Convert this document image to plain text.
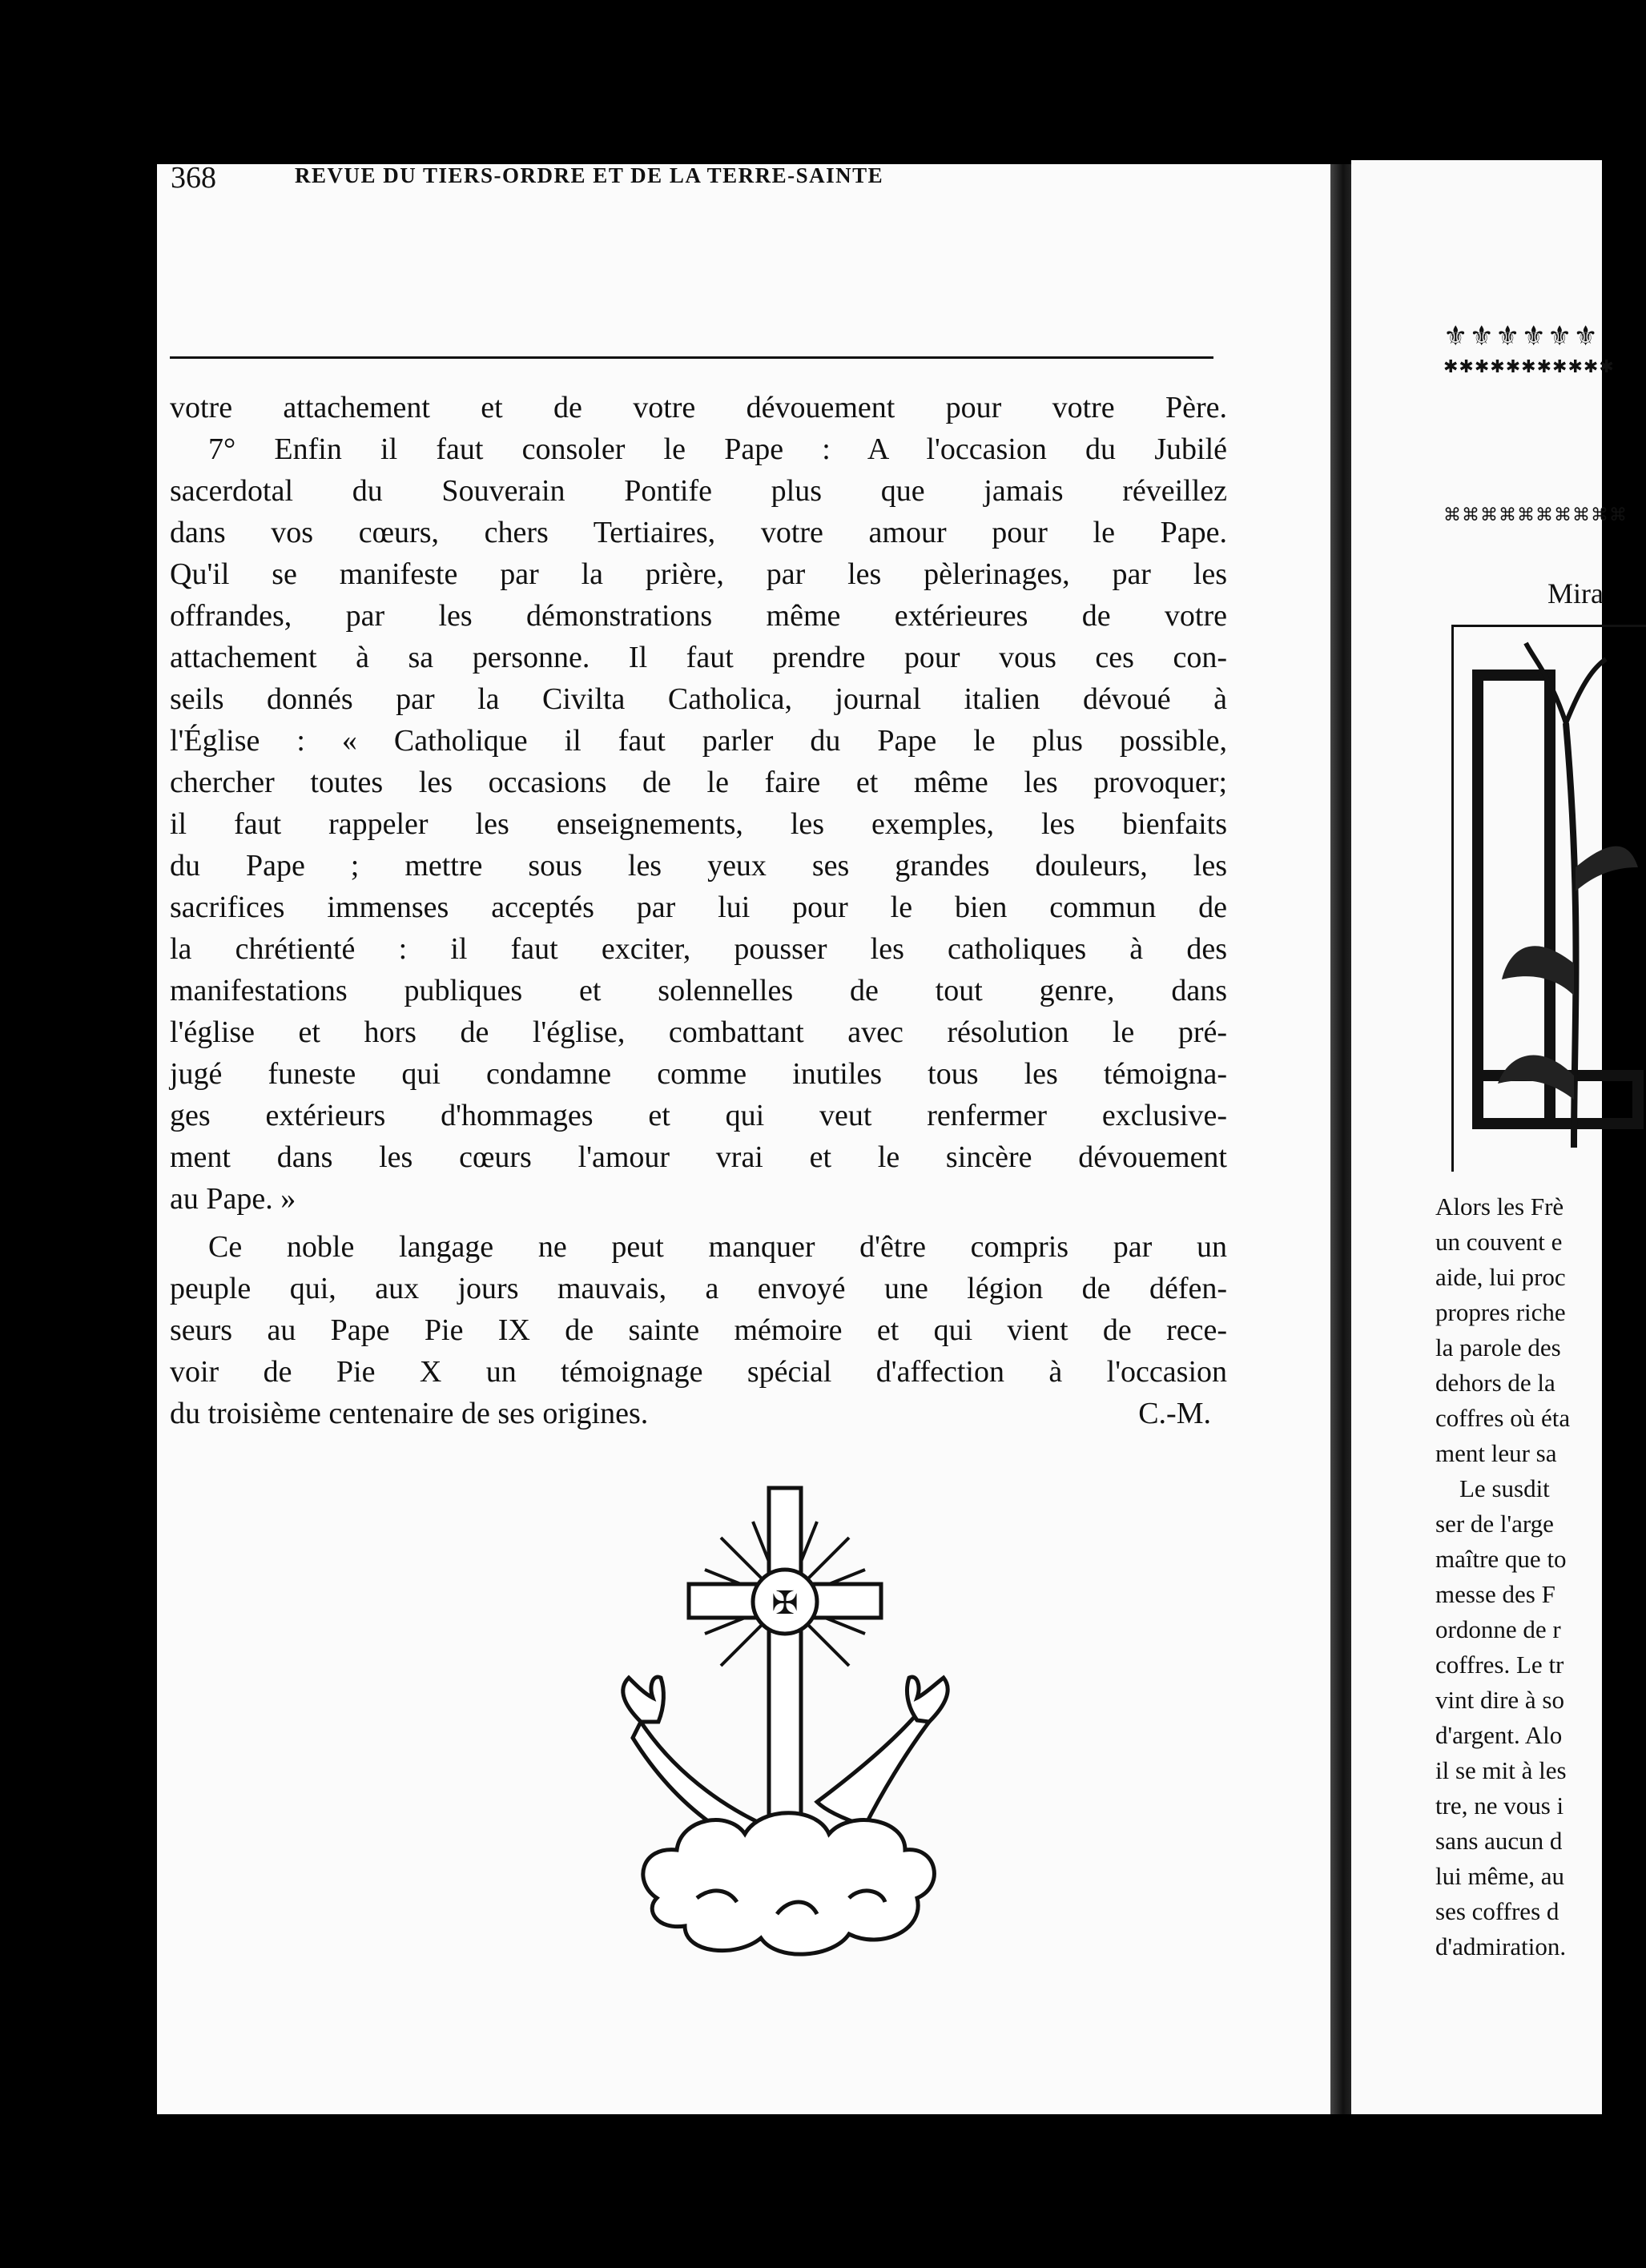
⚜⚜⚜⚜⚜⚜
✱✱✱✱✱✱✱✱✱✱✱
⌘⌘⌘⌘⌘⌘⌘⌘⌘⌘
Mira
Alors les Frè
un couvent e
aide, lui proc
propres riche
la parole des
dehors de la
coffres où éta
ment leur sa
Le susdit
ser de l'arge
maître que to
messe des F
ordonne de r
coffres. Le tr
vint dire à so
d'argent. Alo
il se mit à les
tre, ne vous i
sans aucun d
lui même, au
ses coffres d
d'admiration.
368	REVUE DU TIERS-ORDRE ET DE LA TERRE-SAINTE
votre attachement et de votre dévouement pour votre Père.
7° Enfin il faut consoler le Pape : A l'occasion du Jubilé
sacerdotal du Souverain Pontife plus que jamais réveillez
dans vos cœurs, chers Tertiaires, votre amour pour le Pape.
Qu'il se manifeste par la prière, par les pèlerinages, par les
offrandes, par les démonstrations même extérieures de votre
attachement à sa personne. Il faut prendre pour vous ces con-
seils donnés par la Civilta Catholica, journal italien dévoué à
l'Église : « Catholique il faut parler du Pape le plus possible,
chercher toutes les occasions de le faire et même les provoquer;
il faut rappeler les enseignements, les exemples, les bienfaits
du Pape ; mettre sous les yeux ses grandes douleurs, les
sacrifices immenses acceptés par lui pour le bien commun de
la chrétienté : il faut exciter, pousser les catholiques à des
manifestations publiques et solennelles de tout genre, dans
l'église et hors de l'église, combattant avec résolution le pré-
jugé funeste qui condamne comme inutiles tous les témoigna-
ges extérieurs d'hommages et qui veut renfermer exclusive-
ment dans les cœurs l'amour vrai et le sincère dévouement
au Pape. »
Ce noble langage ne peut manquer d'être compris par un
peuple qui, aux jours mauvais, a envoyé une légion de défen-
seurs au Pape Pie IX de sainte mémoire et qui vient de rece-
voir de Pie X un témoignage spécial d'affection à l'occasion
du troisième centenaire de ses origines.	C.-M.
✠
